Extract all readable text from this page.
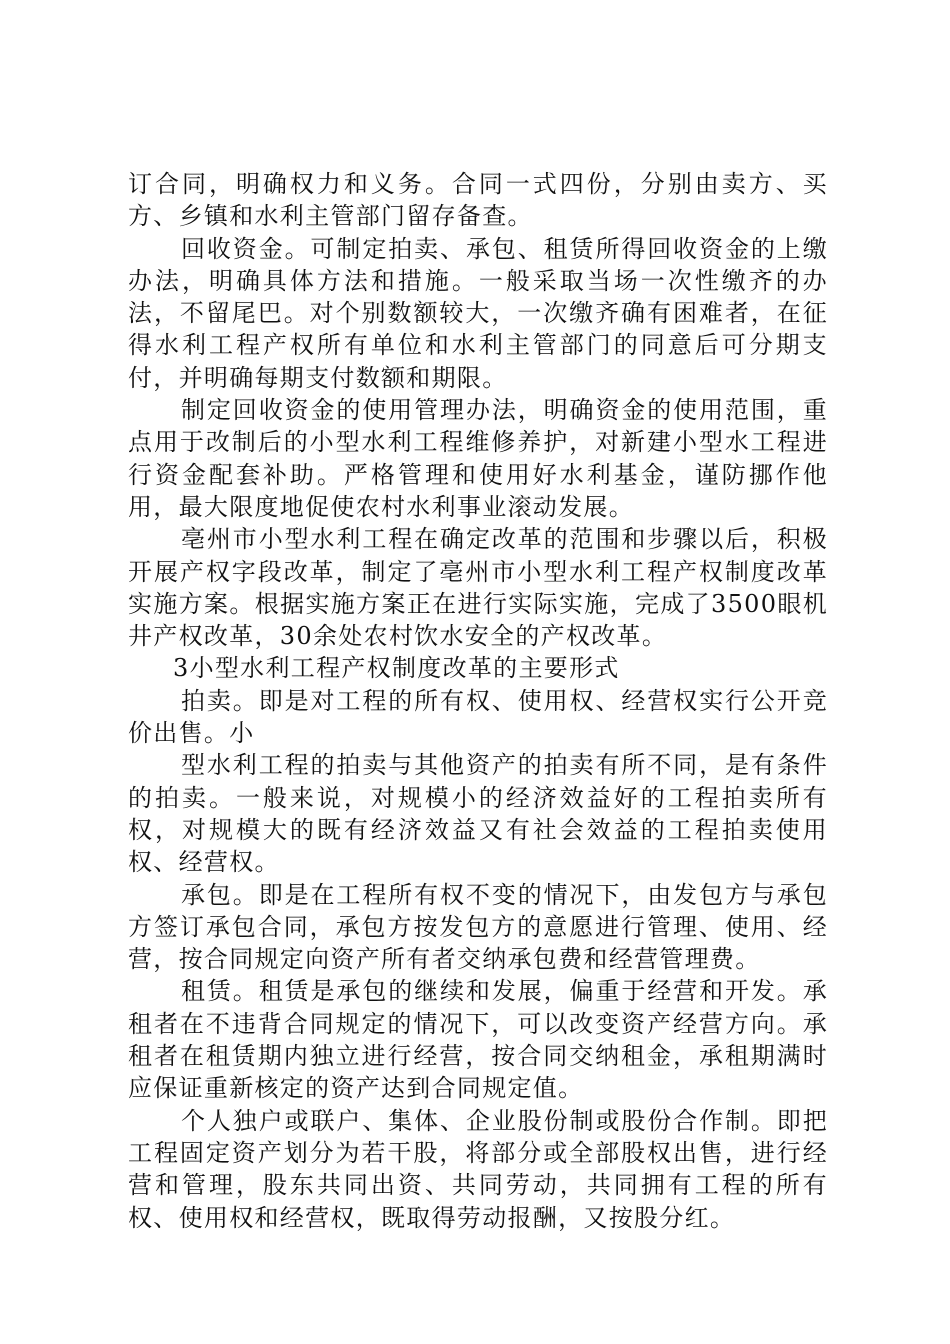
订合同，明确权力和义务。合同一式四份，分别由卖方、买方、乡镇和水利主管部门留存备查。

回收资金。可制定拍卖、承包、租赁所得回收资金的上缴办法，明确具体方法和措施。一般采取当场一次性缴齐的办法，不留尾巴。对个别数额较大，一次缴齐确有困难者，在征得水利工程产权所有单位和水利主管部门的同意后可分期支付，并明确每期支付数额和期限。

制定回收资金的使用管理办法，明确资金的使用范围，重点用于改制后的小型水利工程维修养护，对新建小型水工程进行资金配套补助。严格管理和使用好水利基金，谨防挪作他用，最大限度地促使农村水利事业滚动发展。

亳州市小型水利工程在确定改革的范围和步骤以后，积极开展产权字段改革，制定了亳州市小型水利工程产权制度改革实施方案。根据实施方案正在进行实际实施，完成了3500眼机井产权改革，30余处农村饮水安全的产权改革。

3小型水利工程产权制度改革的主要形式

拍卖。即是对工程的所有权、使用权、经营权实行公开竞价出售。小

型水利工程的拍卖与其他资产的拍卖有所不同，是有条件的拍卖。一般来说，对规模小的经济效益好的工程拍卖所有权，对规模大的既有经济效益又有社会效益的工程拍卖使用权、经营权。

承包。即是在工程所有权不变的情况下，由发包方与承包方签订承包合同，承包方按发包方的意愿进行管理、使用、经营，按合同规定向资产所有者交纳承包费和经营管理费。

租赁。租赁是承包的继续和发展，偏重于经营和开发。承租者在不违背合同规定的情况下，可以改变资产经营方向。承租者在租赁期内独立进行经营，按合同交纳租金，承租期满时应保证重新核定的资产达到合同规定值。

个人独户或联户、集体、企业股份制或股份合作制。即把工程固定资产划分为若干股，将部分或全部股权出售，进行经营和管理，股东共同出资、共同劳动，共同拥有工程的所有权、使用权和经营权，既取得劳动报酬，又按股分红。
